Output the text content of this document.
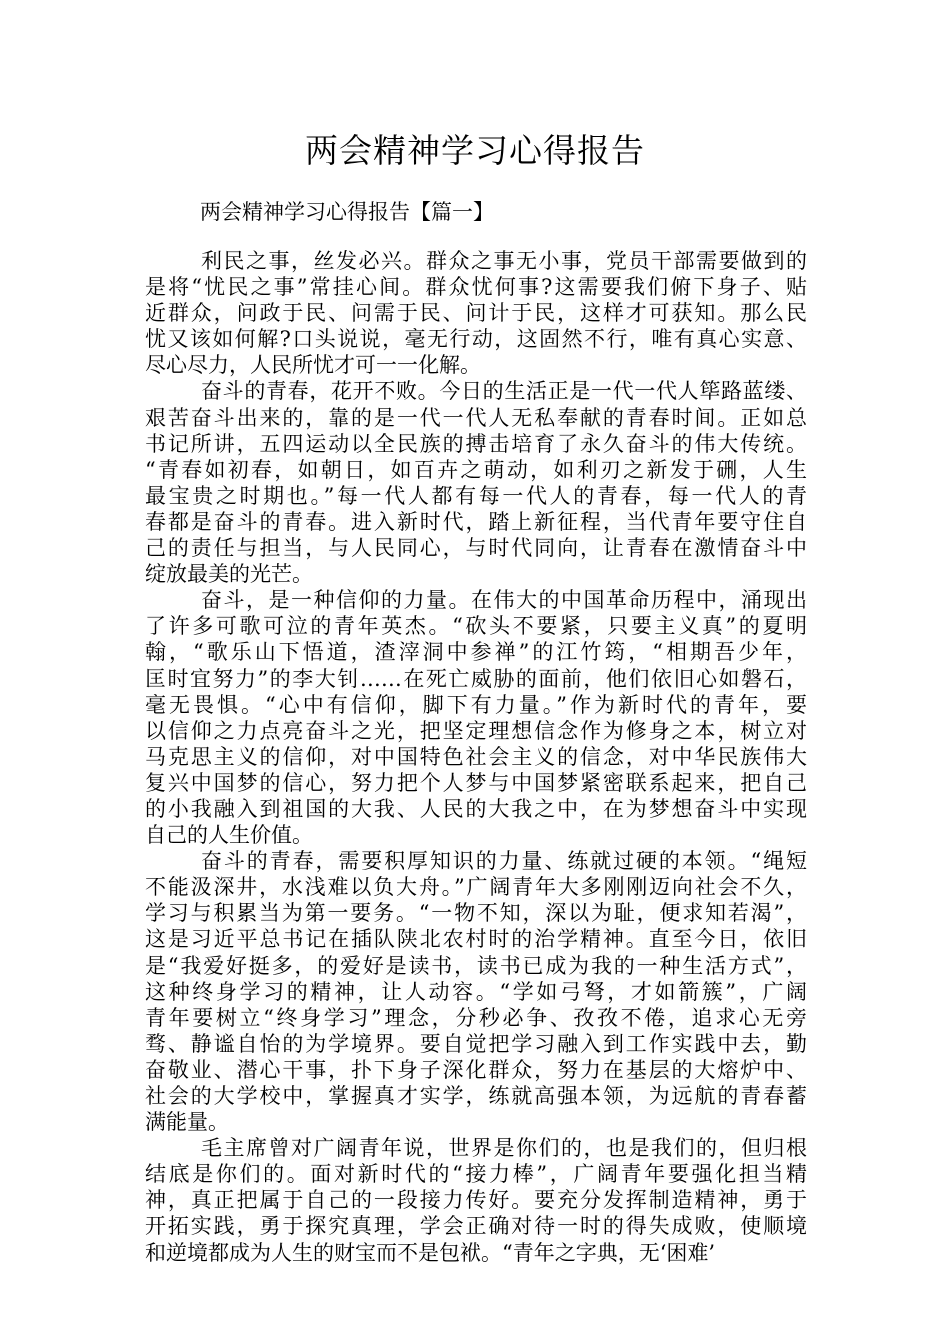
两会精神学习心得报告
两会精神学习心得报告【篇一】
利民之事，丝发必兴。群众之事无小事，党员干部需要做到的
是将“忧民之事”常挂心间。群众忧何事?这需要我们俯下身子、贴
近群众，问政于民、问需于民、问计于民，这样才可获知。那么民
忧又该如何解?口头说说，毫无行动，这固然不行，唯有真心实意、
尽心尽力，人民所忧才可一一化解。
奋斗的青春，花开不败。今日的生活正是一代一代人筚路蓝缕、
艰苦奋斗出来的，靠的是一代一代人无私奉献的青春时间。正如总
书记所讲，五四运动以全民族的搏击培育了永久奋斗的伟大传统。
“青春如初春，如朝日，如百卉之萌动，如利刃之新发于硎，人生
最宝贵之时期也。”每一代人都有每一代人的青春，每一代人的青
春都是奋斗的青春。进入新时代，踏上新征程，当代青年要守住自
己的责任与担当，与人民同心，与时代同向，让青春在激情奋斗中
绽放最美的光芒。
奋斗，是一种信仰的力量。在伟大的中国革命历程中，涌现出
了许多可歌可泣的青年英杰。“砍头不要紧，只要主义真”的夏明
翰，“歌乐山下悟道，渣滓洞中参禅”的江竹筠，“相期吾少年，
匡时宜努力”的李大钊……在死亡威胁的面前，他们依旧心如磐石，
毫无畏惧。“心中有信仰，脚下有力量。”作为新时代的青年，要
以信仰之力点亮奋斗之光，把坚定理想信念作为修身之本，树立对
马克思主义的信仰，对中国特色社会主义的信念，对中华民族伟大
复兴中国梦的信心，努力把个人梦与中国梦紧密联系起来，把自己
的小我融入到祖国的大我、人民的大我之中，在为梦想奋斗中实现
自己的人生价值。
奋斗的青春，需要积厚知识的力量、练就过硬的本领。“绳短
不能汲深井，水浅难以负大舟。”广阔青年大多刚刚迈向社会不久，
学习与积累当为第一要务。“一物不知，深以为耻，便求知若渴”，
这是习近平总书记在插队陕北农村时的治学精神。直至今日，依旧
是“我爱好挺多，的爱好是读书，读书已成为我的一种生活方式”，
这种终身学习的精神，让人动容。“学如弓弩，才如箭簇”，广阔
青年要树立“终身学习”理念，分秒必争、孜孜不倦，追求心无旁
骛、静谧自怡的为学境界。要自觉把学习融入到工作实践中去，勤
奋敬业、潜心干事，扑下身子深化群众，努力在基层的大熔炉中、
社会的大学校中，掌握真才实学，练就高强本领，为远航的青春蓄
满能量。
毛主席曾对广阔青年说，世界是你们的，也是我们的，但归根
结底是你们的。面对新时代的“接力棒”，广阔青年要强化担当精
神，真正把属于自己的一段接力传好。要充分发挥制造精神，勇于
开拓实践，勇于探究真理，学会正确对待一时的得失成败，使顺境
和逆境都成为人生的财宝而不是包袱。“青年之字典，无‘困难’
